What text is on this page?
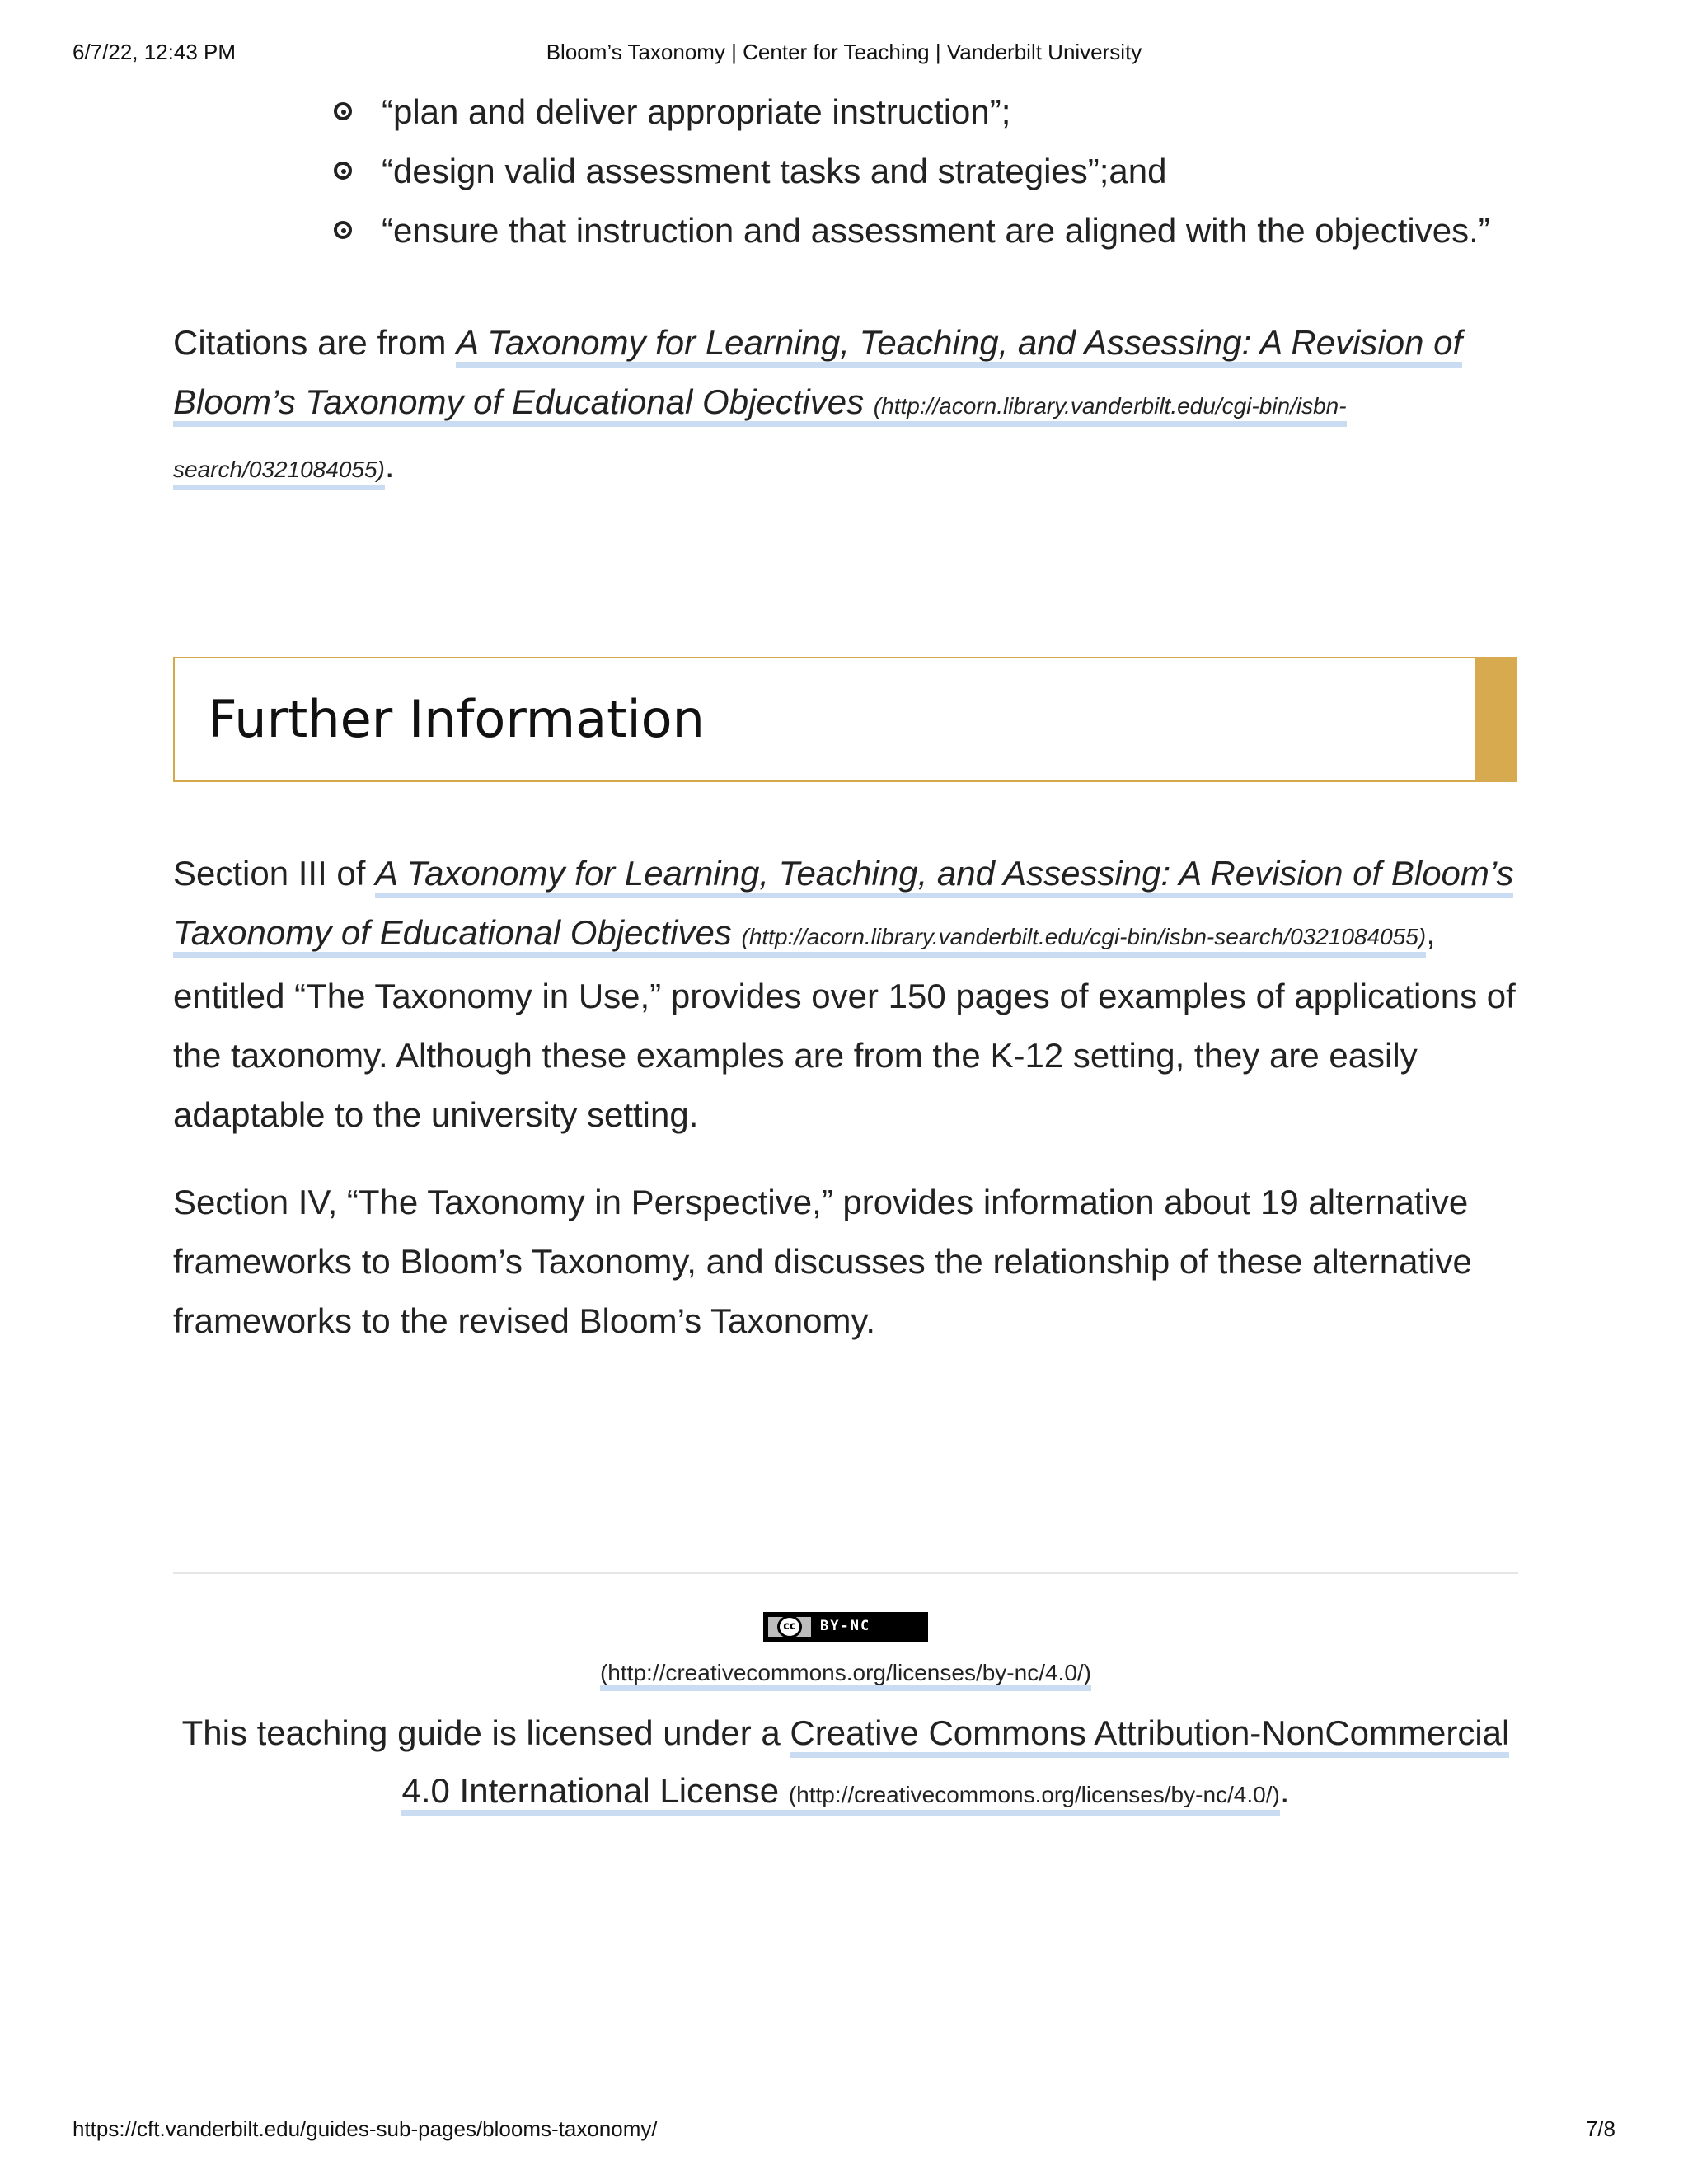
6/7/22, 12:43 PM	Bloom’s Taxonomy | Center for Teaching | Vanderbilt University
“plan and deliver appropriate instruction”;
“design valid assessment tasks and strategies”;and
“ensure that instruction and assessment are aligned with the objectives.”

Citations are from A Taxonomy for Learning, Teaching, and Assessing: A Revision of
Bloom’s Taxonomy of Educational Objectives (http://acorn.library.vanderbilt.edu/cgi-bin/isbn-
search/0321084055).

Further Information

Section III of A Taxonomy for Learning, Teaching, and Assessing: A Revision of Bloom’s
Taxonomy of Educational Objectives (http://acorn.library.vanderbilt.edu/cgi-bin/isbn-search/0321084055), entitled “The Taxonomy in Use,” provides over 150 pages of examples of applications of the taxonomy. Although these examples are from the K-12 setting, they are easily adaptable to the university setting.

Section IV, “The Taxonomy in Perspective,” provides information about 19 alternative frameworks to Bloom’s Taxonomy, and discusses the relationship of these alternative frameworks to the revised Bloom’s Taxonomy.

cc	BY-NC
(http://creativecommons.org/licenses/by-nc/4.0/)
This teaching guide is licensed under a Creative Commons Attribution-NonCommercial 4.0 International License (http://creativecommons.org/licenses/by-nc/4.0/).
https://cft.vanderbilt.edu/guides-sub-pages/blooms-taxonomy/	7/8
